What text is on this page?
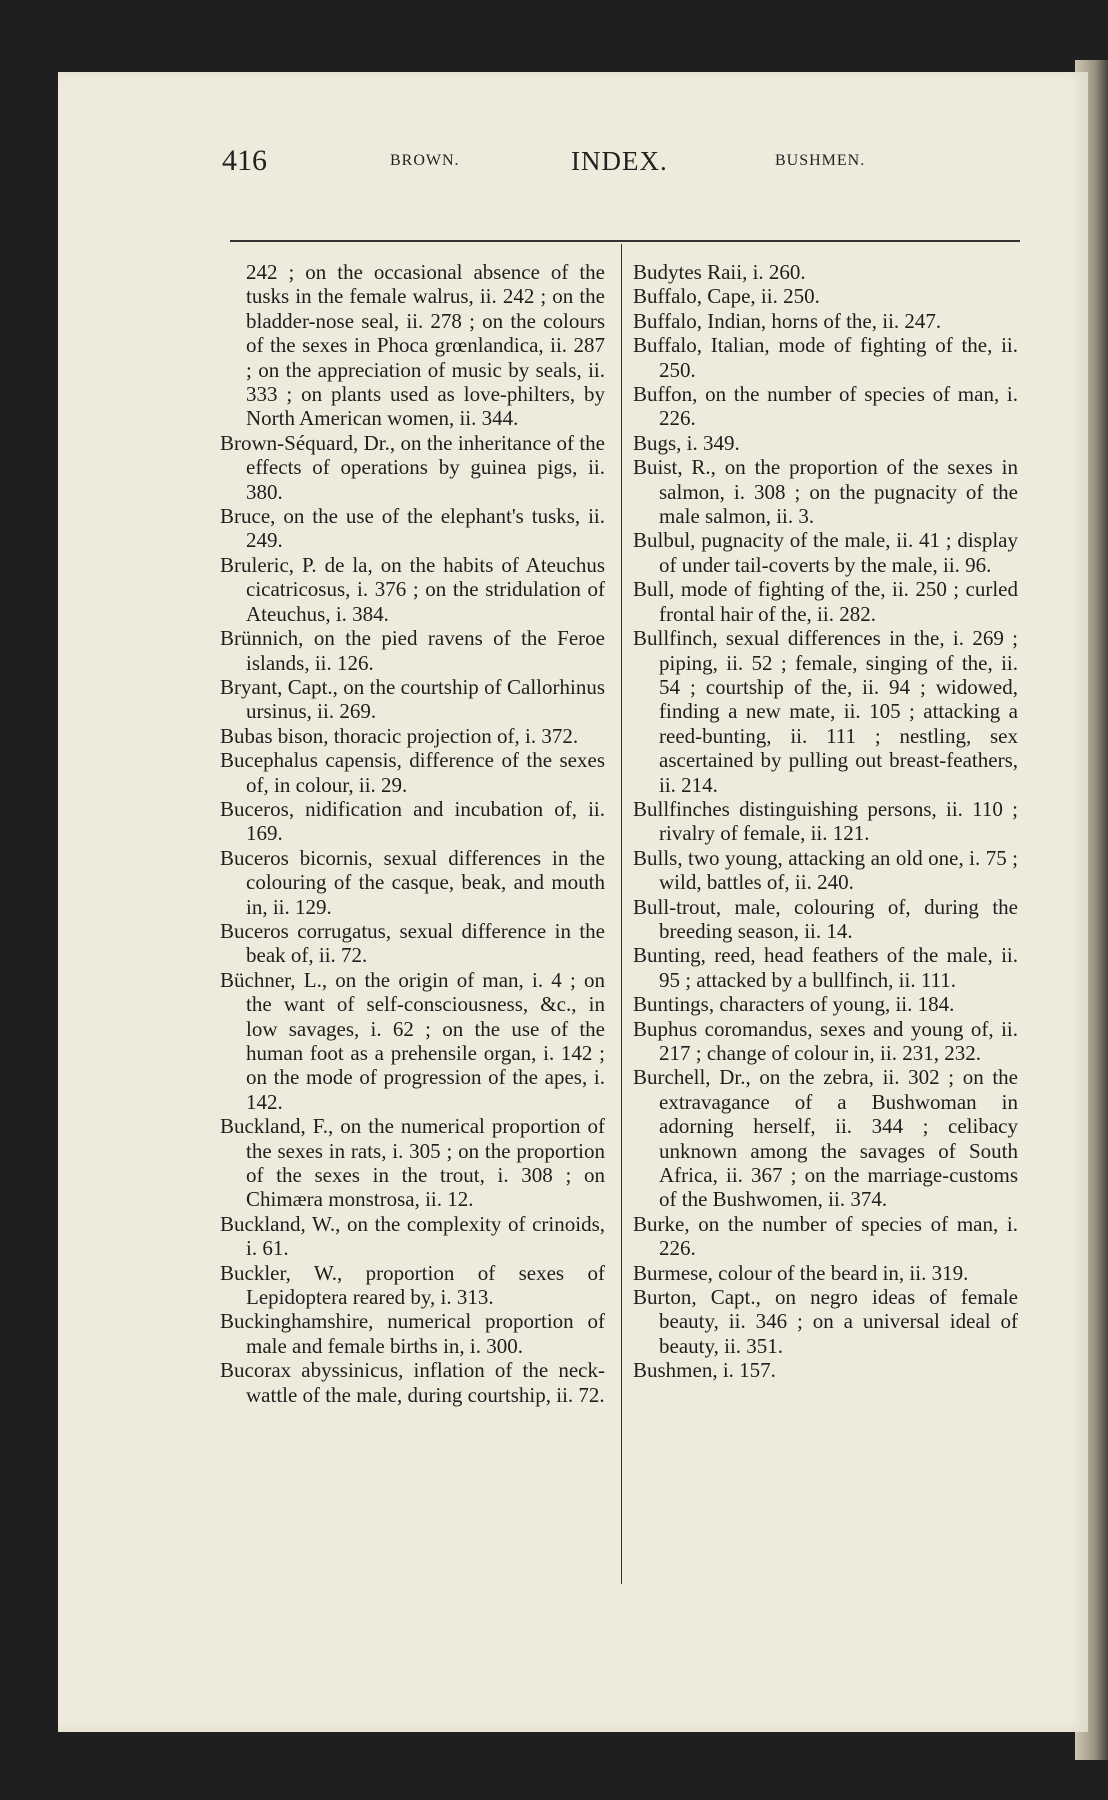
416	BROWN.	INDEX.	BUSHMEN.

242 ; on the occasional absence of the tusks in the female walrus, ii. 242 ; on the bladder-nose seal, ii. 278 ; on the colours of the sexes in Phoca grœnlandica, ii. 287 ; on the appreciation of music by seals, ii. 333 ; on plants used as love-philters, by North American women, ii. 344.

Brown-Séquard, Dr., on the inheritance of the effects of operations by guinea pigs, ii. 380.

Bruce, on the use of the elephant's tusks, ii. 249.

Bruleric, P. de la, on the habits of Ateuchus cicatricosus, i. 376 ; on the stridulation of Ateuchus, i. 384.

Brünnich, on the pied ravens of the Feroe islands, ii. 126.

Bryant, Capt., on the courtship of Callorhinus ursinus, ii. 269.

Bubas bison, thoracic projection of, i. 372.

Bucephalus capensis, difference of the sexes of, in colour, ii. 29.

Buceros, nidification and incubation of, ii. 169.

Buceros bicornis, sexual differences in the colouring of the casque, beak, and mouth in, ii. 129.

Buceros corrugatus, sexual difference in the beak of, ii. 72.

Büchner, L., on the origin of man, i. 4 ; on the want of self-consciousness, &c., in low savages, i. 62 ; on the use of the human foot as a prehensile organ, i. 142 ; on the mode of progression of the apes, i. 142.

Buckland, F., on the numerical proportion of the sexes in rats, i. 305 ; on the proportion of the sexes in the trout, i. 308 ; on Chimæra monstrosa, ii. 12.

Buckland, W., on the complexity of crinoids, i. 61.

Buckler, W., proportion of sexes of Lepidoptera reared by, i. 313.

Buckinghamshire, numerical proportion of male and female births in, i. 300.

Bucorax abyssinicus, inflation of the neck-wattle of the male, during courtship, ii. 72.

Budytes Raii, i. 260.

Buffalo, Cape, ii. 250.

Buffalo, Indian, horns of the, ii. 247.

Buffalo, Italian, mode of fighting of the, ii. 250.

Buffon, on the number of species of man, i. 226.

Bugs, i. 349.

Buist, R., on the proportion of the sexes in salmon, i. 308 ; on the pugnacity of the male salmon, ii. 3.

Bulbul, pugnacity of the male, ii. 41 ; display of under tail-coverts by the male, ii. 96.

Bull, mode of fighting of the, ii. 250 ; curled frontal hair of the, ii. 282.

Bullfinch, sexual differences in the, i. 269 ; piping, ii. 52 ; female, singing of the, ii. 54 ; courtship of the, ii. 94 ; widowed, finding a new mate, ii. 105 ; attacking a reed-bunting, ii. 111 ; nestling, sex ascertained by pulling out breast-feathers, ii. 214.

Bullfinches distinguishing persons, ii. 110 ; rivalry of female, ii. 121.

Bulls, two young, attacking an old one, i. 75 ; wild, battles of, ii. 240.

Bull-trout, male, colouring of, during the breeding season, ii. 14.

Bunting, reed, head feathers of the male, ii. 95 ; attacked by a bullfinch, ii. 111.

Buntings, characters of young, ii. 184.

Buphus coromandus, sexes and young of, ii. 217 ; change of colour in, ii. 231, 232.

Burchell, Dr., on the zebra, ii. 302 ; on the extravagance of a Bushwoman in adorning herself, ii. 344 ; celibacy unknown among the savages of South Africa, ii. 367 ; on the marriage-customs of the Bushwomen, ii. 374.

Burke, on the number of species of man, i. 226.

Burmese, colour of the beard in, ii. 319.

Burton, Capt., on negro ideas of female beauty, ii. 346 ; on a universal ideal of beauty, ii. 351.

Bushmen, i. 157.
